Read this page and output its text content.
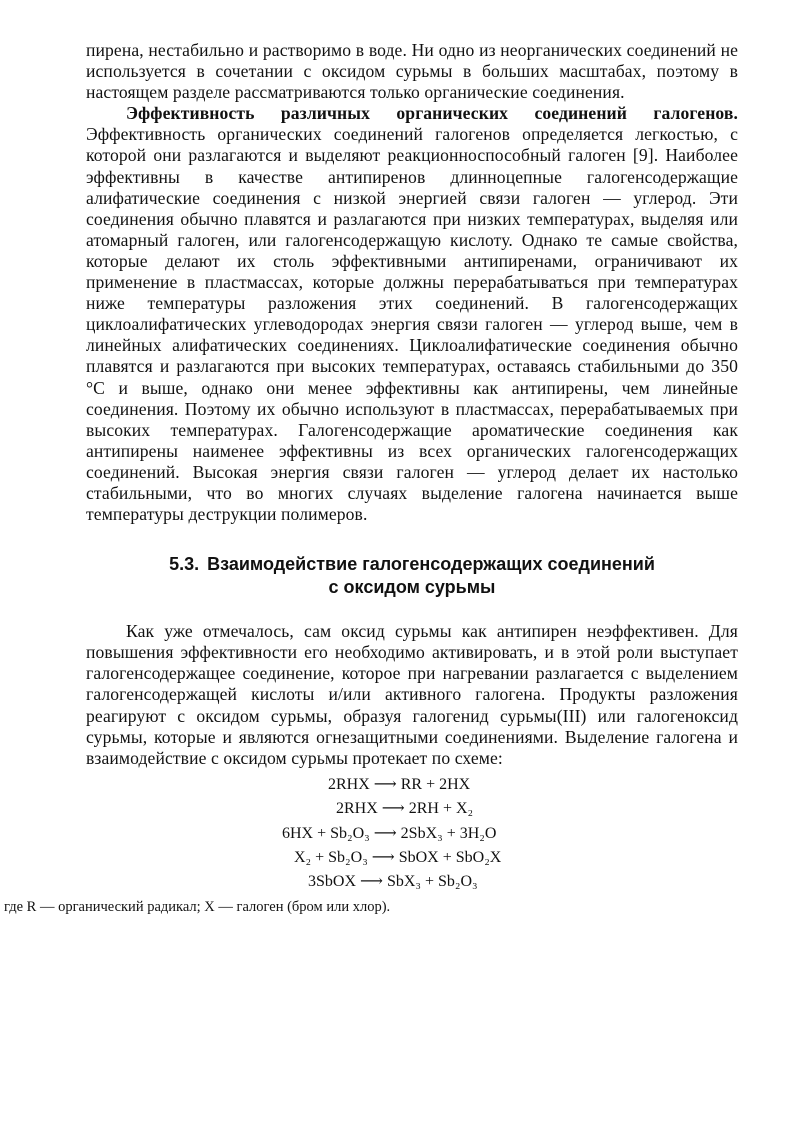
пирена, нестабильно и растворимо в воде. Ни одно из неорганических соединений не используется в сочетании с оксидом сурьмы в больших масштабах, поэтому в настоящем разделе рассматриваются только органические соединения.

Эффективность различных органических соединений галогенов. Эффективность органических соединений галогенов определяется легкостью, с которой они разлагаются и выделяют реакционноспособный галоген [9]. Наиболее эффективны в качестве антипиренов длинноцепные галогенсодержащие алифатические соединения с низкой энергией связи галоген — углерод. Эти соединения обычно плавятся и разлагаются при низких температурах, выделяя или атомарный галоген, или галогенсодержащую кислоту. Однако те самые свойства, которые делают их столь эффективными антипиренами, ограничивают их применение в пластмассах, которые должны перерабатываться при температурах ниже температуры разложения этих соединений. В галогенсодержащих циклоалифатических углеводородах энергия связи галоген — углерод выше, чем в линейных алифатических соединениях. Циклоалифатические соединения обычно плавятся и разлагаются при высоких температурах, оставаясь стабильными до 350 °С и выше, однако они менее эффективны как антипирены, чем линейные соединения. Поэтому их обычно используют в пластмассах, перерабатываемых при высоких температурах. Галогенсодержащие ароматические соединения как антипирены наименее эффективны из всех органических галогенсодержащих соединений. Высокая энергия связи галоген — углерод делает их настолько стабильными, что во многих случаях выделение галогена начинается выше температуры деструкции полимеров.

5.3. Взаимодействие галогенсодержащих соединений
с оксидом сурьмы

Как уже отмечалось, сам оксид сурьмы как антипирен неэффективен. Для повышения эффективности его необходимо активировать, и в этой роли выступает галогенсодержащее соединение, которое при нагревании разлагается с выделением галогенсодержащей кислоты и/или активного галогена. Продукты разложения реагируют с оксидом сурьмы, образуя галогенид сурьмы(III) или галогеноксид сурьмы, которые и являются огнезащитными соединениями. Выделение галогена и взаимодействие с оксидом сурьмы протекает по схеме:

2RHX ⟶ RR + 2HX
2RHX ⟶ 2RH + X₂
6HX + Sb₂O₃ ⟶ 2SbX₃ + 3H₂O
X₂ + Sb₂O₃ ⟶ SbOX + SbO₂X
3SbOX ⟶ SbX₃ + Sb₂O₃
где R — органический радикал; X — галоген (бром или хлор).
